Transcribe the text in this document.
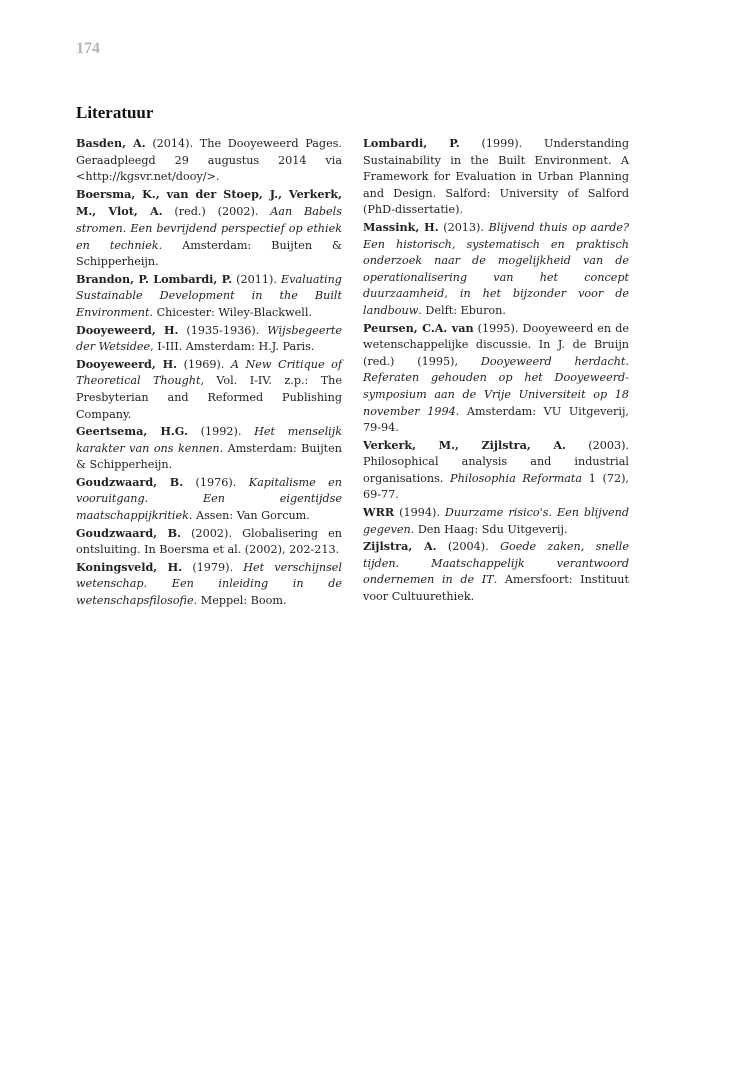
174
Literatuur

Basden, A. (2014). The Dooyeweerd Pages. Geraadpleegd 29 augustus 2014 via <http://kgsvr.net/dooy/>.

Boersma, K., van der Stoep, J., Verkerk, M., Vlot, A. (red.) (2002). Aan Babels stromen. Een bevrijdend perspectief op ethiek en techniek. Amsterdam: Buijten & Schipperheijn.

Brandon, P. Lombardi, P. (2011). Evaluating Sustainable Development in the Built Environment. Chicester: Wiley-Blackwell.

Dooyeweerd, H. (1935-1936). Wijsbegeerte der Wetsidee, I-III. Amsterdam: H.J. Paris.

Dooyeweerd, H. (1969). A New Critique of Theoretical Thought, Vol. I-IV. z.p.: The Presbyterian and Reformed Publishing Company.

Geertsema, H.G. (1992). Het menselijk karakter van ons kennen. Amsterdam: Buijten & Schipperheijn.

Goudzwaard, B. (1976). Kapitalisme en vooruitgang. Een eigentijdse maatschappijkritiek. Assen: Van Gorcum.

Goudzwaard, B. (2002). Globalisering en ontsluiting. In Boersma et al. (2002), 202-213.

Koningsveld, H. (1979). Het verschijnsel wetenschap. Een inleiding in de wetenschapsfilosofie. Meppel: Boom.

Lombardi, P. (1999). Understanding Sustainability in the Built Environment. A Framework for Evaluation in Urban Planning and Design. Salford: University of Salford (PhD-dissertatie).

Massink, H. (2013). Blijvend thuis op aarde? Een historisch, systematisch en praktisch onderzoek naar de mogelijkheid van de operationalisering van het concept duurzaamheid, in het bijzonder voor de landbouw. Delft: Eburon.

Peursen, C.A. van (1995). Dooyeweerd en de wetenschappelijke discussie. In J. de Bruijn (red.) (1995), Dooyeweerd herdacht. Referaten gehouden op het Dooyeweerd-symposium aan de Vrije Universiteit op 18 november 1994. Amsterdam: VU Uitgeverij, 79-94.

Verkerk, M., Zijlstra, A. (2003). Philosophical analysis and industrial organisations. Philosophia Reformata 1 (72), 69-77.

WRR (1994). Duurzame risico's. Een blijvend gegeven. Den Haag: Sdu Uitgeverij.

Zijlstra, A. (2004). Goede zaken, snelle tijden. Maatschappelijk verantwoord ondernemen in de IT. Amersfoort: Instituut voor Cultuurethiek.
